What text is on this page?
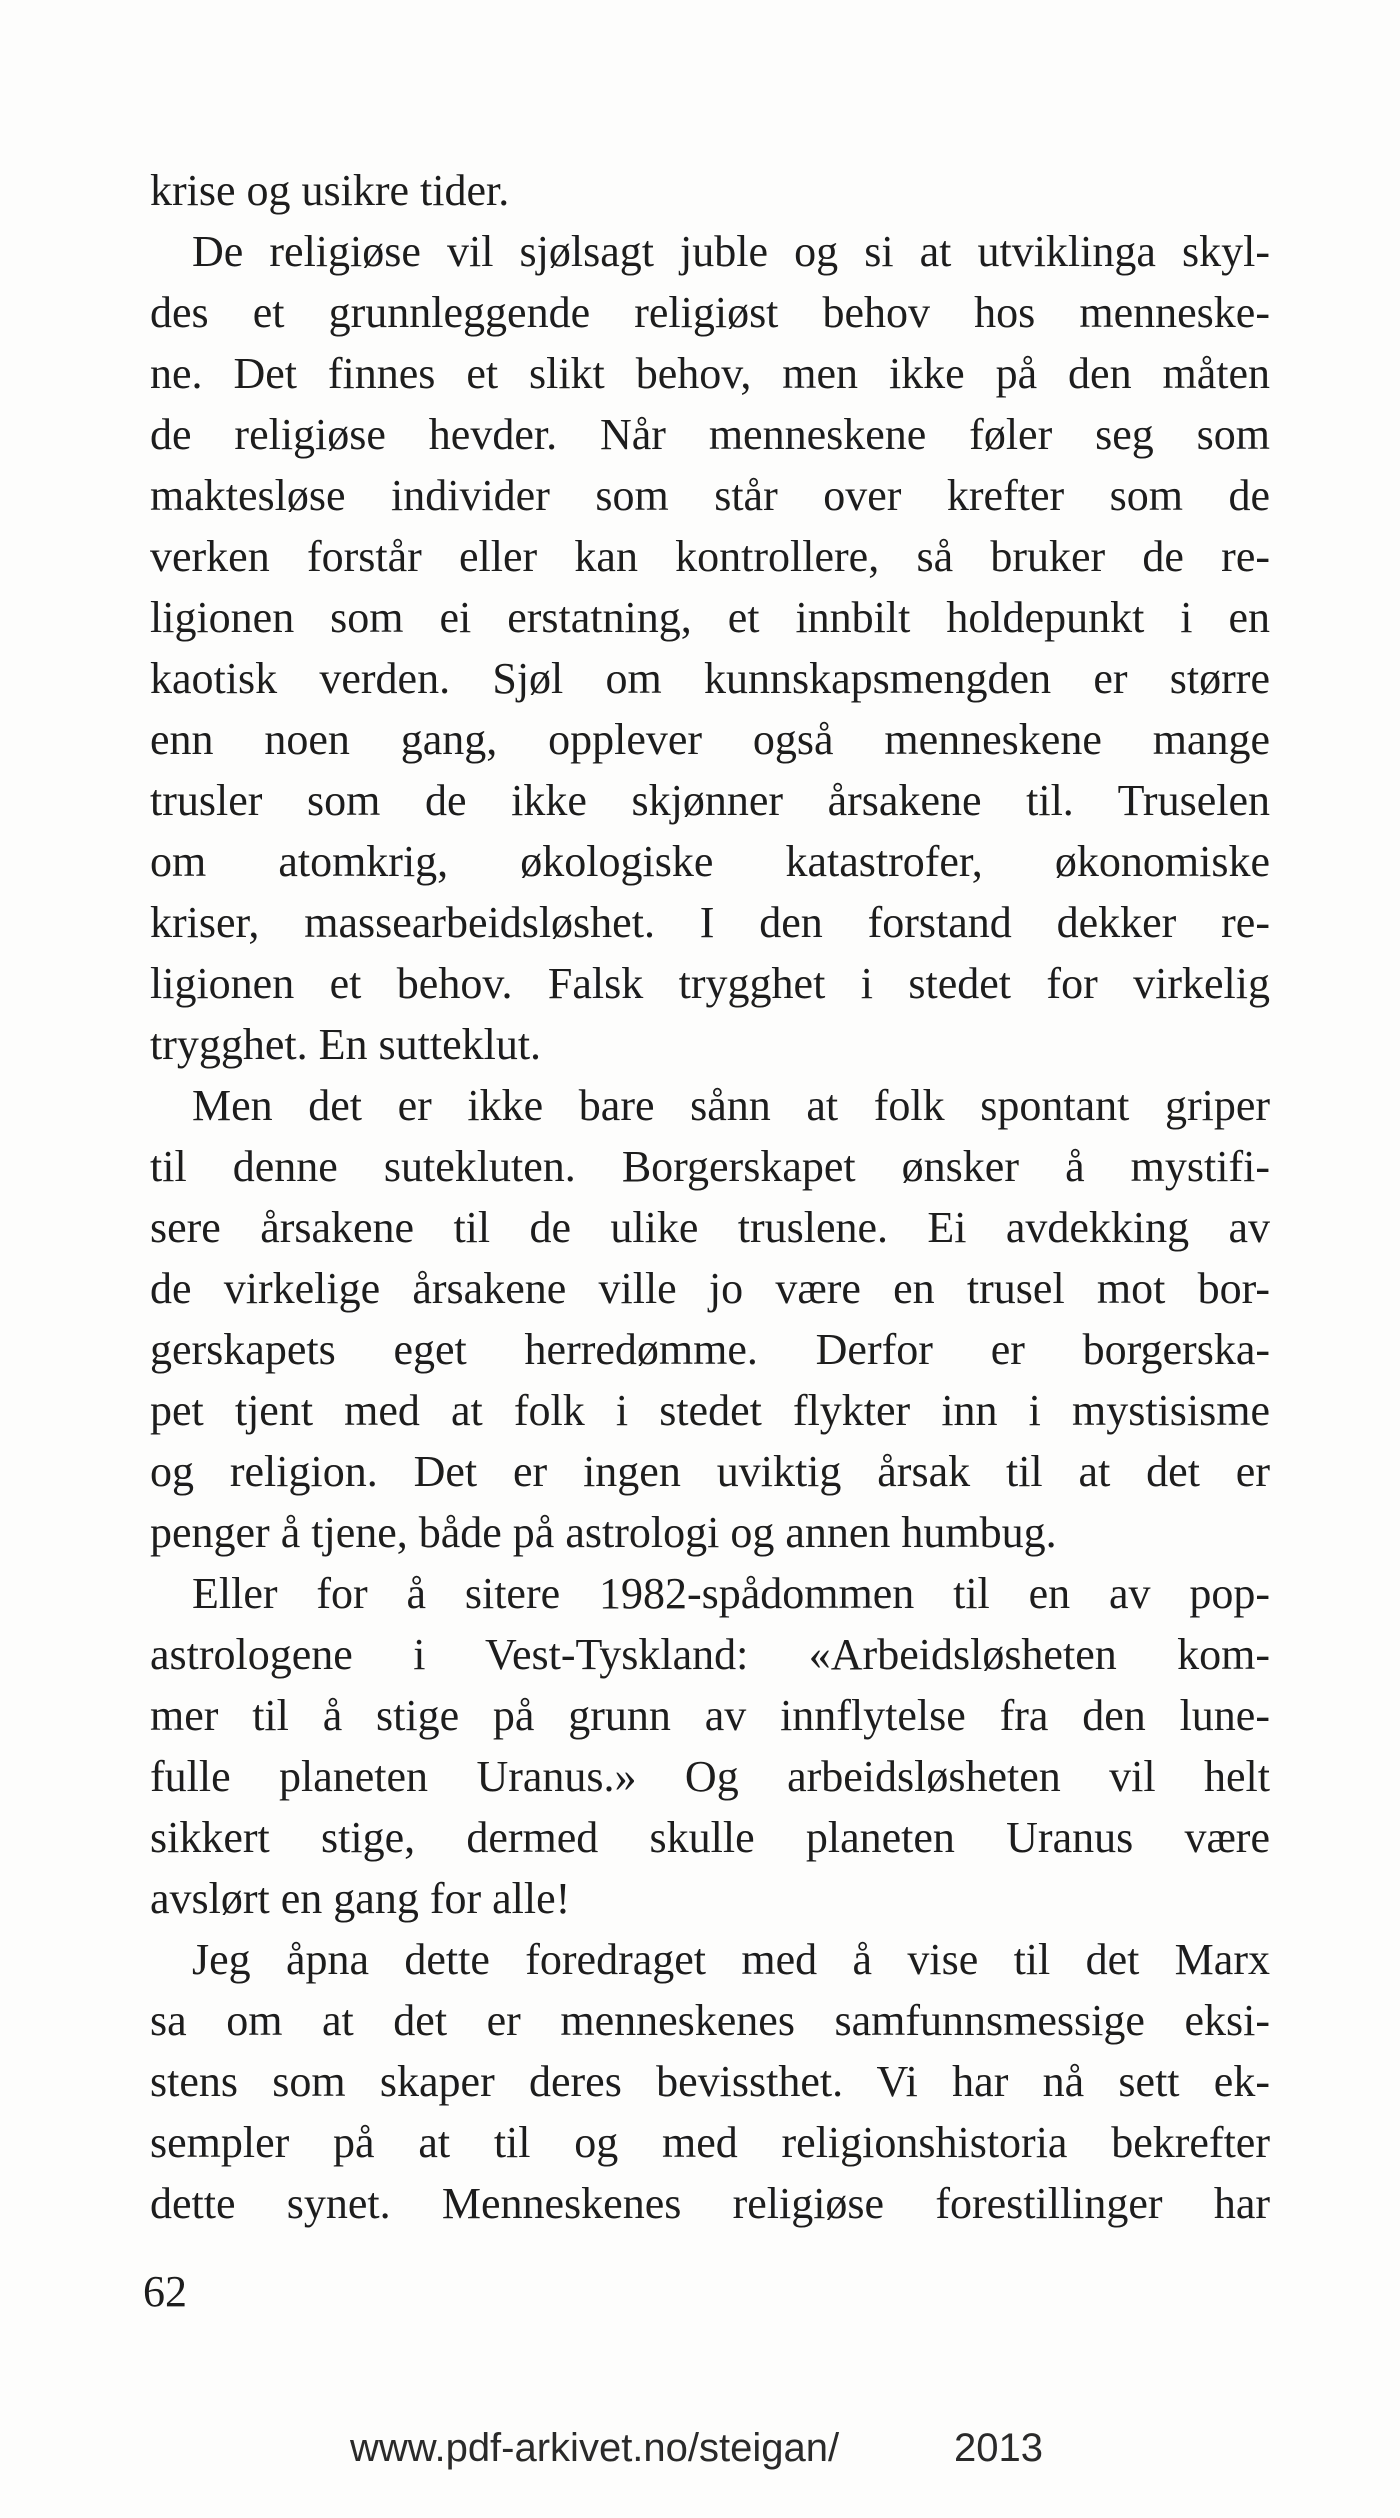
krise og usikre tider.
De religiøse vil sjølsagt juble og si at utviklinga skyl-
des et grunnleggende religiøst behov hos menneske-
ne. Det finnes et slikt behov, men ikke på den måten
de religiøse hevder. Når menneskene føler seg som
maktesløse individer som står over krefter som de
verken forstår eller kan kontrollere, så bruker de re-
ligionen som ei erstatning, et innbilt holdepunkt i en
kaotisk verden. Sjøl om kunnskapsmengden er større
enn noen gang, opplever også menneskene mange
trusler som de ikke skjønner årsakene til. Truselen
om atomkrig, økologiske katastrofer, økonomiske
kriser, massearbeidsløshet. I den forstand dekker re-
ligionen et behov. Falsk trygghet i stedet for virkelig
trygghet. En sutteklut.
Men det er ikke bare sånn at folk spontant griper
til denne sutekluten. Borgerskapet ønsker å mystifi-
sere årsakene til de ulike truslene. Ei avdekking av
de virkelige årsakene ville jo være en trusel mot bor-
gerskapets eget herredømme. Derfor er borgerska-
pet tjent med at folk i stedet flykter inn i mystisisme
og religion. Det er ingen uviktig årsak til at det er
penger å tjene, både på astrologi og annen humbug.
Eller for å sitere 1982-spådommen til en av pop-
astrologene i Vest-Tyskland: «Arbeidsløsheten kom-
mer til å stige på grunn av innflytelse fra den lune-
fulle planeten Uranus.» Og arbeidsløsheten vil helt
sikkert stige, dermed skulle planeten Uranus være
avslørt en gang for alle!
Jeg åpna dette foredraget med å vise til det Marx
sa om at det er menneskenes samfunnsmessige eksi-
stens som skaper deres bevissthet. Vi har nå sett ek-
sempler på at til og med religionshistoria bekrefter
dette synet. Menneskenes religiøse forestillinger har
62
www.pdf-arkivet.no/steigan/	2013
